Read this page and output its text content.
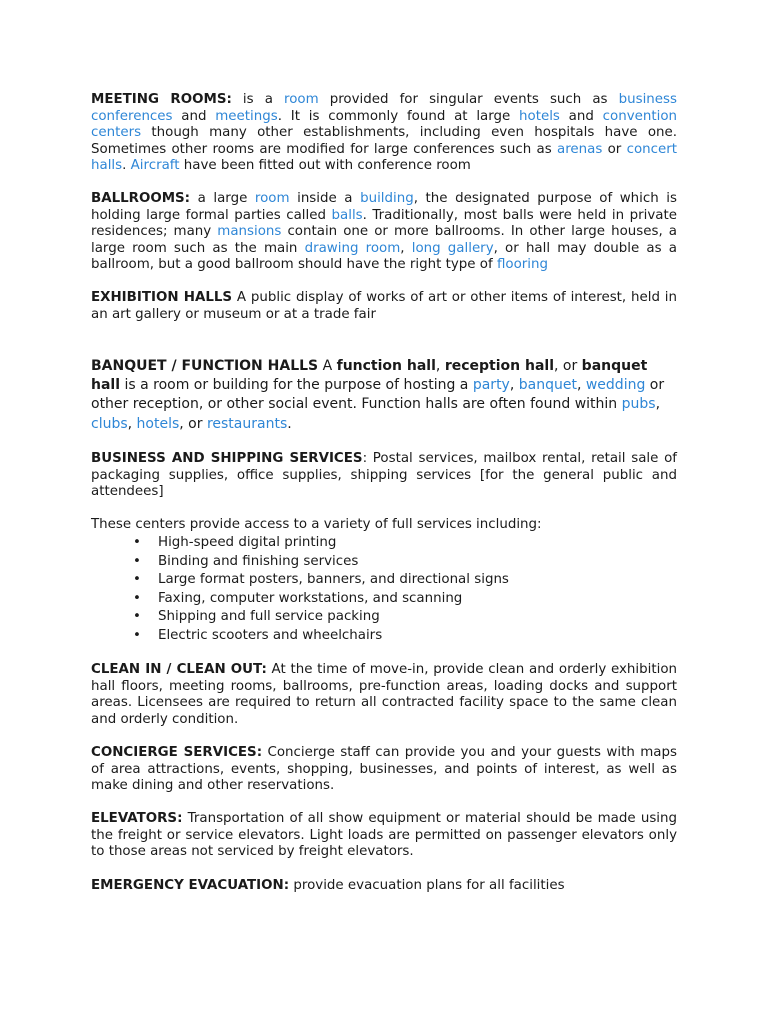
MEETING ROOMS: is a room provided for singular events such as business conferences and meetings. It is commonly found at large hotels and convention centers though many other establishments, including even hospitals have one. Sometimes other rooms are modified for large conferences such as arenas or concert halls. Aircraft have been fitted out with conference room

BALLROOMS: a large room inside a building, the designated purpose of which is holding large formal parties called balls. Traditionally, most balls were held in private residences; many mansions contain one or more ballrooms. In other large houses, a large room such as the main drawing room, long gallery, or hall may double as a ballroom, but a good ballroom should have the right type of flooring

EXHIBITION HALLS A public display of works of art or other items of interest, held in an art gallery or museum or at a trade fair

BANQUET / FUNCTION HALLS A function hall, reception hall, or banquet hall is a room or building for the purpose of hosting a party, banquet, wedding or other reception, or other social event. Function halls are often found within pubs, clubs, hotels, or restaurants.

BUSINESS AND SHIPPING SERVICES: Postal services, mailbox rental, retail sale of packaging supplies, office supplies, shipping services [for the general public and attendees]

These centers provide access to a variety of full services including:

• High-speed digital printing
• Binding and finishing services
• Large format posters, banners, and directional signs
• Faxing, computer workstations, and scanning
• Shipping and full service packing
• Electric scooters and wheelchairs

CLEAN IN / CLEAN OUT: At the time of move-in, provide clean and orderly exhibition hall floors, meeting rooms, ballrooms, pre-function areas, loading docks and support areas. Licensees are required to return all contracted facility space to the same clean and orderly condition.

CONCIERGE SERVICES: Concierge staff can provide you and your guests with maps of area attractions, events, shopping, businesses, and points of interest, as well as make dining and other reservations.

ELEVATORS: Transportation of all show equipment or material should be made using the freight or service elevators. Light loads are permitted on passenger elevators only to those areas not serviced by freight elevators.

EMERGENCY EVACUATION: provide evacuation plans for all facilities
